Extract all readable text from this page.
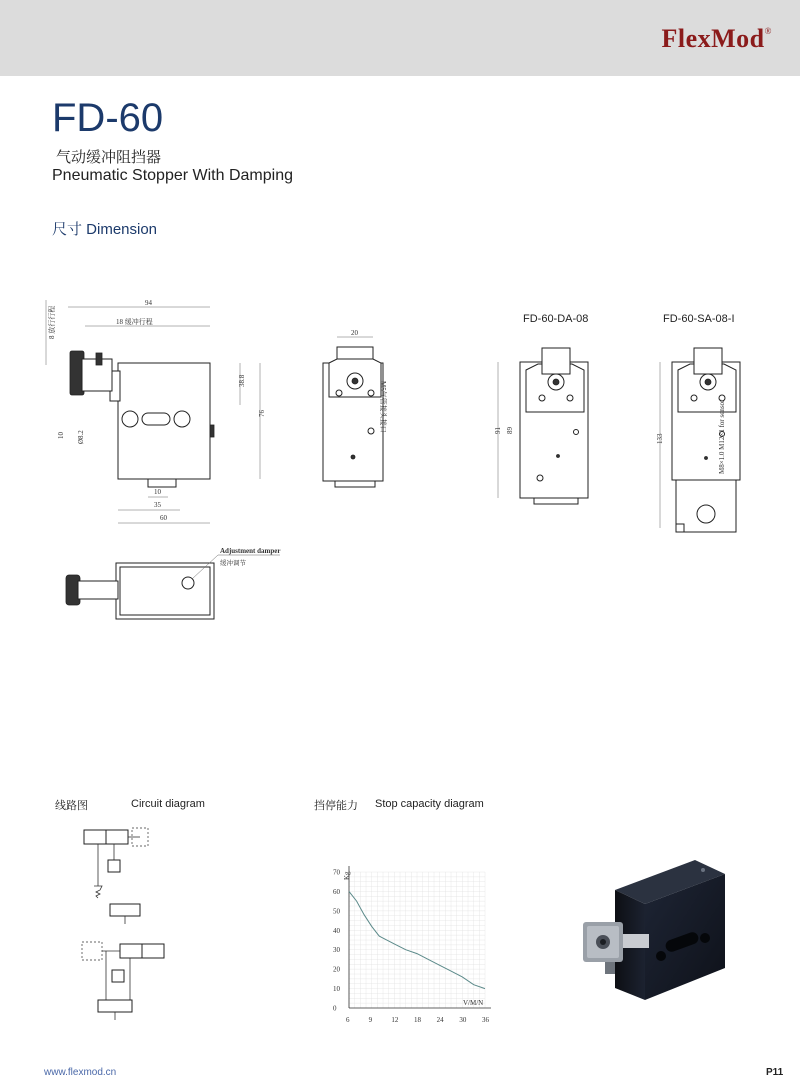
FlexMod®
FD-60
气动缓冲阻挡器
Pneumatic Stopper With Damping
尺寸 Dimension
94
18 缓冲行程
8 放行行程
38.8
76
10 Ø8.2
10
35
60
20
M5气管接头接口
FD-60-DA-08	FD-60-SA-08-I
91 89
133	M8×1.0 M12×1 for sensor
Adjustment damper
缓冲调节
线路图	Circuit diagram	挡停能力 Stop capacity diagram
6	9	12 18 24 30 36
0
10
20
30
40
50
60
70 Kg
V/M/N
www.flexmod.cn	P11
